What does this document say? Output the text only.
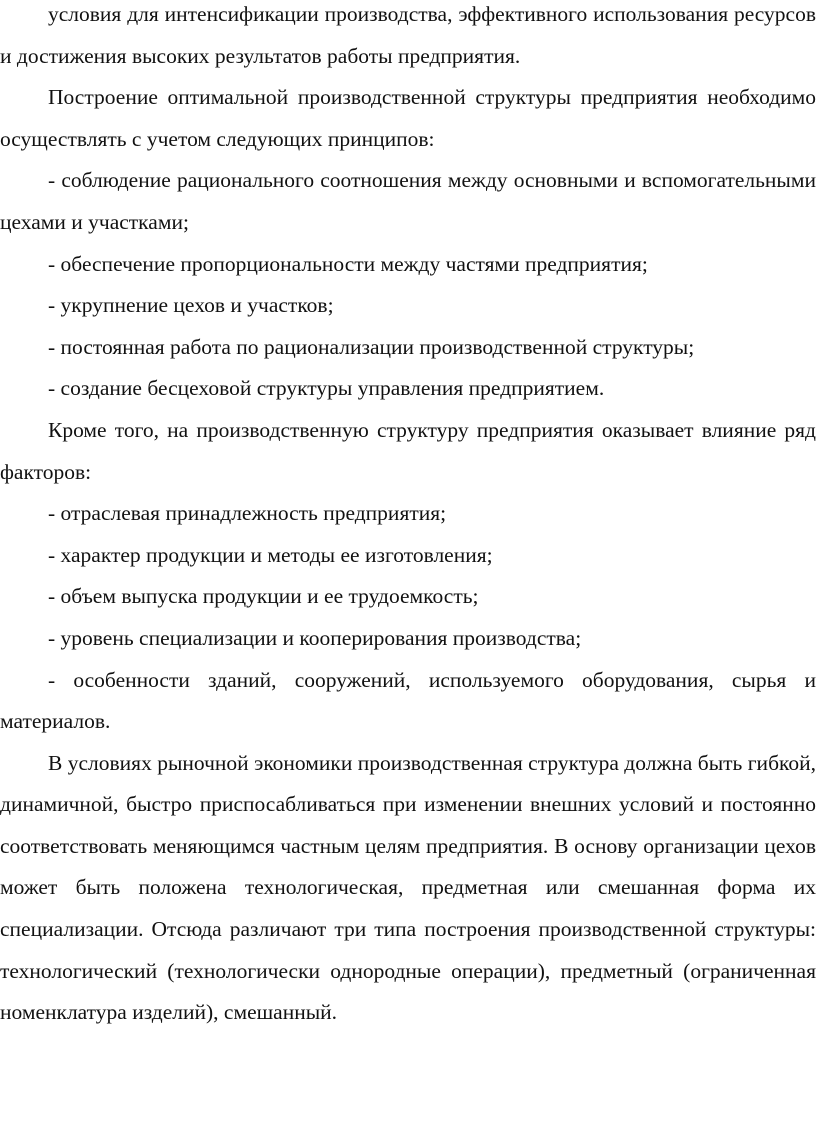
условия для интенсификации производства, эффективного использования ресурсов и достижения высоких результатов работы предприятия.

Построение оптимальной производственной структуры предприятия необходимо осуществлять с учетом следующих принципов:

- соблюдение рационального соотношения между основными и вспомогательными цехами и участками;

- обеспечение пропорциональности между частями предприятия;

- укрупнение цехов и участков;

- постоянная работа по рационализации производственной структуры;

- создание бесцеховой структуры управления предприятием.

Кроме того, на производственную структуру предприятия оказывает влияние ряд факторов:

- отраслевая принадлежность предприятия;

- характер продукции и методы ее изготовления;

- объем выпуска продукции и ее трудоемкость;

- уровень специализации и кооперирования производства;

- особенности зданий, сооружений, используемого оборудования, сырья и материалов.

В условиях рыночной экономики производственная структура должна быть гибкой, динамичной, быстро приспосабливаться при изменении внешних условий и постоянно соответствовать меняющимся частным целям предприятия. В основу организации цехов может быть положена технологическая, предметная или смешанная форма их специализации. Отсюда различают три типа построения производственной структуры: технологический (технологически однородные операции), предметный (ограниченная номенклатура изделий), смешанный.
